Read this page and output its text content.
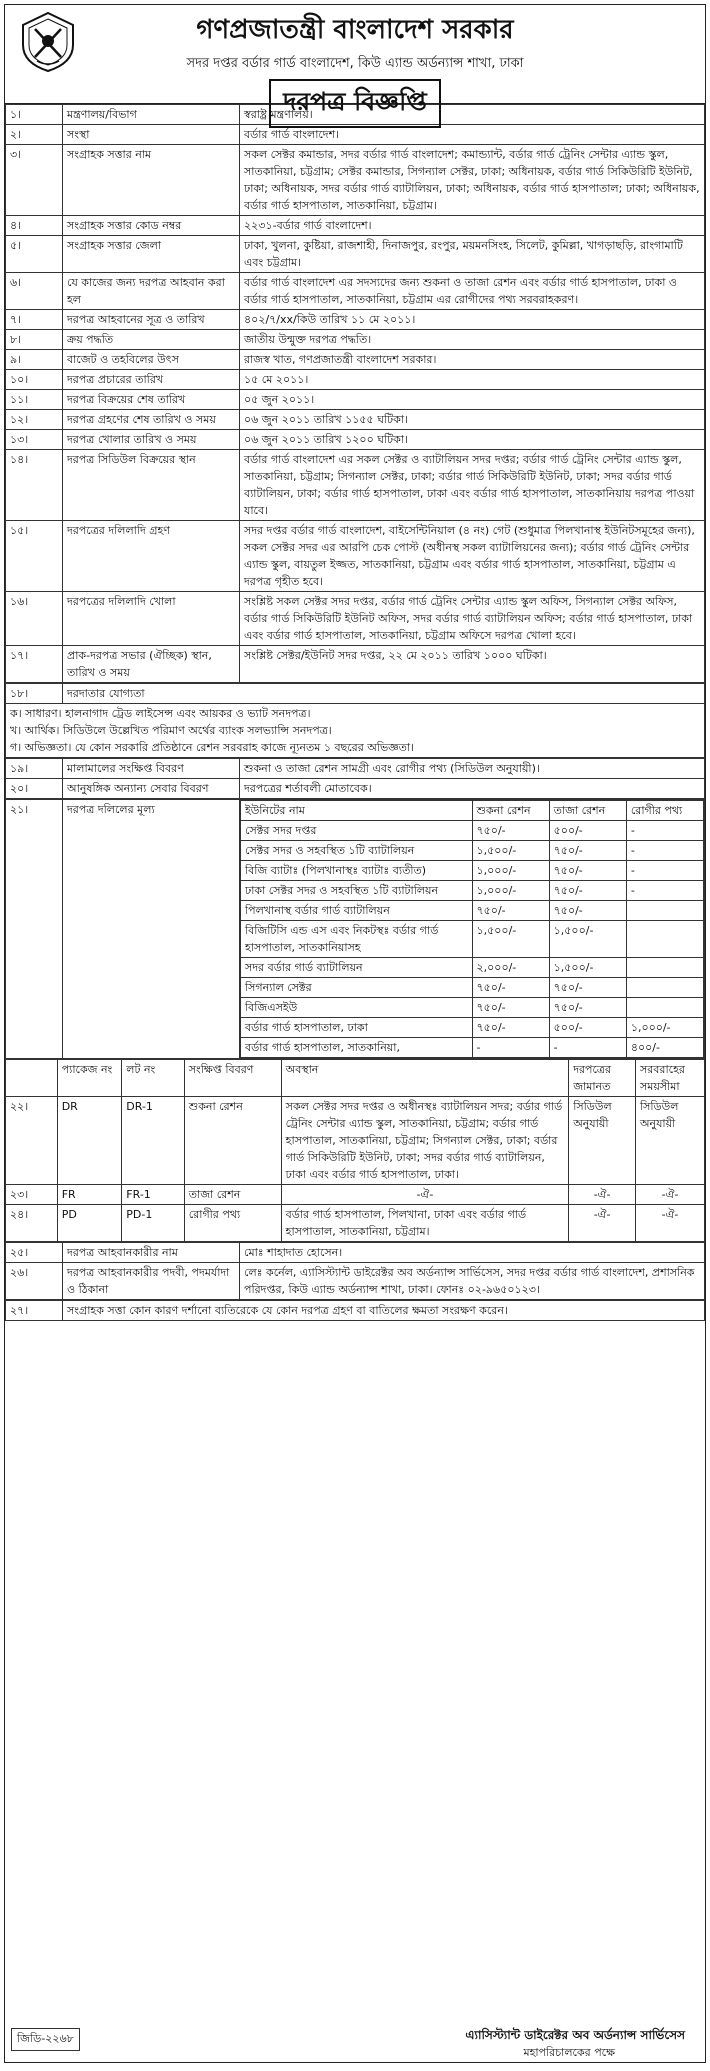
গণপ্রজাতন্ত্রী বাংলাদেশ সরকার
সদর দপ্তর বর্ডার গার্ড বাংলাদেশ, কিউ এ্যান্ড অর্ডন্যান্স শাখা, ঢাকা
দরপত্র বিজ্ঞপ্তি
১।	মন্ত্রণালয়/বিভাগ	স্বরাষ্ট্র মন্ত্রণালয়।
২।	সংস্থা	বর্ডার গার্ড বাংলাদেশ।
৩।	সংগ্রাহক সত্তার নাম	সকল সেক্টর কমান্ডার, সদর বর্ডার গার্ড বাংলাদেশ; কমান্ড্যান্ট, বর্ডার গার্ড ট্রেনিং সেন্টার এ্যান্ড স্কুল, সাতকানিয়া, চট্টগ্রাম; সেক্টর কমান্ডার, সিগন্যাল সেক্টর, ঢাকা; অধিনায়ক, বর্ডার গার্ড সিকিউরিটি ইউনিট, ঢাকা; অধিনায়ক, সদর বর্ডার গার্ড ব্যাটালিয়ন, ঢাকা; অধিনায়ক, বর্ডার গার্ড হাসপাতাল; ঢাকা; অধিনায়ক, বর্ডার গার্ড হাসপাতাল, সাতকানিয়া, চট্টগ্রাম।
৪।	সংগ্রাহক সত্তার কোড নম্বর	২২৩১-বর্ডার গার্ড বাংলাদেশ।
৫।	সংগ্রাহক সত্তার জেলা	ঢাকা, খুলনা, কুষ্টিয়া, রাজশাহী, দিনাজপুর, রংপুর, ময়মনসিংহ, সিলেট, কুমিল্লা, খাগড়াছড়ি, রাংগামাটি এবং চট্টগ্রাম।
৬।	যে কাজের জন্য দরপত্র আহবান করা হল	বর্ডার গার্ড বাংলাদেশ এর সদস্যদের জন্য শুকনা ও তাজা রেশন এবং বর্ডার গার্ড হাসপাতাল, ঢাকা ও বর্ডার গার্ড হাসপাতাল, সাতকানিয়া, চট্টগ্রাম এর রোগীদের পথ্য সরবরাহকরণ।
৭।	দরপত্র আহবানের সূত্র ও তারিখ	৪০২/৭/xx/কিউ তারিখ ১১ মে ২০১১।
৮।	ক্রয় পদ্ধতি	জাতীয় উন্মুক্ত দরপত্র পদ্ধতি।
৯।	বাজেট ও তহবিলের উৎস	রাজস্ব খাত, গণপ্রজাতন্ত্রী বাংলাদেশ সরকার।
১০।	দরপত্র প্রচারের তারিখ	১৫ মে ২০১১।
১১।	দরপত্র বিক্রয়ের শেষ তারিখ	০৫ জুন ২০১১।
১২।	দরপত্র গ্রহণের শেষ তারিখ ও সময়	০৬ জুন ২০১১ তারিখ ১১৫৫ ঘটিকা।
১৩।	দরপত্র খোলার তারিখ ও সময়	০৬ জুন ২০১১ তারিখ ১২০০ ঘটিকা।
১৪।	দরপত্র সিডিউল বিক্রয়ের স্থান	বর্ডার গার্ড বাংলাদেশ এর সকল সেক্টর ও ব্যাটালিয়ন সদর দপ্তর; বর্ডার গার্ড ট্রেনিং সেন্টার এ্যান্ড স্কুল, সাতকানিয়া, চট্টগ্রাম; সিগন্যাল সেক্টর, ঢাকা; বর্ডার গার্ড সিকিউরিটি ইউনিট, ঢাকা; সদর বর্ডার গার্ড ব্যাটালিয়ন, ঢাকা; বর্ডার গার্ড হাসপাতাল, ঢাকা এবং বর্ডার গার্ড হাসপাতাল, সাতকানিয়ায় দরপত্র পাওয়া যাবে।
১৫।	দরপত্রের দলিলাদি গ্রহণ	সদর দপ্তর বর্ডার গার্ড বাংলাদেশ, বাইসেন্টিনিয়াল (৪ নং) গেট (শুধুমাত্র পিলখানাস্থ ইউনিটসমূহের জন্য), সকল সেক্টর সদর এর আরপি চেক পোস্ট (অধীনস্থ সকল ব্যাটালিয়নের জন্য); বর্ডার গার্ড ট্রেনিং সেন্টার এ্যান্ড স্কুল, বায়তুল ইজ্জত, সাতকানিয়া, চট্টগ্রাম এবং বর্ডার গার্ড হাসপাতাল, সাতকানিয়া, চট্টগ্রাম এ দরপত্র গৃহীত হবে।
১৬।	দরপত্রের দলিলাদি খোলা	সংশ্লিষ্ট সকল সেক্টর সদর দপ্তর, বর্ডার গার্ড ট্রেনিং সেন্টার এ্যান্ড স্কুল অফিস, সিগন্যাল সেক্টর অফিস, বর্ডার গার্ড সিকিউরিটি ইউনিট অফিস, সদর বর্ডার গার্ড ব্যাটালিয়ন অফিস; বর্ডার গার্ড হাসপাতাল, ঢাকা এবং বর্ডার গার্ড হাসপাতাল, সাতকানিয়া, চট্টগ্রাম অফিসে দরপত্র খোলা হবে।
১৭।	প্রাক-দরপত্র সভার (ঐচ্ছিক) স্থান, তারিখ ও সময়	সংশ্লিষ্ট সেক্টর/ইউনিট সদর দপ্তর, ২২ মে ২০১১ তারিখ ১০০০ ঘটিকা।
১৮।	দরদাতার যোগ্যতা

ক। সাধারণ। হালনাগাদ ট্রেড লাইসেন্স এবং আয়কর ও ভ্যাট সনদপত্র।
খ। আর্থিক। সিডিউলে উল্লেখিত পরিমাণ অর্থের ব্যাংক সলভ্যান্সি সনদপত্র।
গ। অভিজ্ঞতা। যে কোন সরকারি প্রতিষ্ঠানে রেশন সরবরাহ কাজে ন্যূনতম ১ বছরের অভিজ্ঞতা।
১৯।	মালামালের সংক্ষিপ্ত বিবরণ	শুকনা ও তাজা রেশন সামগ্রী এবং রোগীর পথ্য (সিডিউল অনুযায়ী)।
২০।	আনুষঙ্গিক অন্যান্য সেবার বিবরণ	দরপত্রের শর্তাবলী মোতাবেক।
২১।	দরপত্র দলিলের মূল্য		ইউনিটের নাম	শুকনা রেশন	তাজা রেশন	রোগীর পথ্য
সেক্টর সদর দপ্তর	৭৫০/-	৫০০/-	-
সেক্টর সদর ও সহবস্থিত ১টি ব্যাটালিয়ন	১,৫০০/-	৭৫০/-	-
বিজি ব্যাটাঃ (পিলখানাস্থঃ ব্যাটাঃ ব্যতীত)	১,০০০/-	৭৫০/-	-
ঢাকা সেক্টর সদর ও সহবস্থিত ১টি ব্যাটালিয়ন	১,০০০/-	৭৫০/-	-
পিলখানাস্থ বর্ডার গার্ড ব্যাটালিয়ন	৭৫০/-	৭৫০/-	
বিজিটিসি এন্ড এস এবং নিকটস্থঃ বর্ডার গার্ড হাসপাতাল, সাতকানিয়াসহ	১,৫০০/-	১,৫০০/-	
সদর বর্ডার গার্ড ব্যাটালিয়ন	২,০০০/-	১,৫০০/-	
সিগন্যাল সেক্টর	৭৫০/-	৭৫০/-	
বিজিএসইউ	৭৫০/-	৭৫০/-	
বর্ডার গার্ড হাসপাতাল, ঢাকা	৭৫০/-	৫০০/-	১,০০০/-
বর্ডার গার্ড হাসপাতাল, সাতকানিয়া,	-	-	৪০০/-
	প্যাকেজ নং	লট নং	সংক্ষিপ্ত বিবরণ	অবস্থান	দরপত্রের জামানত	সরবরাহের সময়সীমা
২২।	DR	DR-1	শুকনা রেশন	সকল সেক্টর সদর দপ্তর ও অধীনস্থঃ ব্যাটালিয়ন সদর; বর্ডার গার্ড ট্রেনিং সেন্টার এ্যান্ড স্কুল, সাতকানিয়া, চট্টগ্রাম; বর্ডার গার্ড হাসপাতাল, সাতকানিয়া, চট্টগ্রাম; সিগন্যাল সেক্টর, ঢাকা; বর্ডার গার্ড সিকিউরিটি ইউনিট, ঢাকা; সদর বর্ডার গার্ড ব্যাটালিয়ন, ঢাকা এবং বর্ডার গার্ড হাসপাতাল, ঢাকা।	সিডিউল অনুযায়ী	সিডিউল অনুযায়ী
২৩।	FR	FR-1	তাজা রেশন	-ঐ-	-ঐ-	-ঐ-
২৪।	PD	PD-1	রোগীর পথ্য	বর্ডার গার্ড হাসপাতাল, পিলখানা, ঢাকা এবং বর্ডার গার্ড হাসপাতাল, সাতকানিয়া, চট্টগ্রাম।	-ঐ-	-ঐ-
২৫।	দরপত্র আহবানকারীর নাম	মোঃ শাহাদাত হোসেন।
২৬।	দরপত্র আহবানকারীর পদবী, পদমর্যাদা ও ঠিকানা	লেঃ কর্নেল, এ্যাসিস্ট্যান্ট ডাইরেক্টর অব অর্ডন্যান্স সার্ভিসেস, সদর দপ্তর বর্ডার গার্ড বাংলাদেশ, প্রশাসনিক পরিদপ্তর, কিউ এ্যান্ড অর্ডন্যান্স শাখা, ঢাকা। ফোনঃ ০২-৯৬৫০১২৩।
২৭।	সংগ্রাহক সত্তা কোন কারণ দর্শানো ব্যতিরেকে যে কোন দরপত্র গ্রহণ বা বাতিলের ক্ষমতা সংরক্ষণ করেন।
জিডি-২২৬৮	এ্যাসিস্ট্যান্ট ডাইরেক্টর অব অর্ডন্যান্স সার্ভিসেস
মহাপরিচালকের পক্ষে
